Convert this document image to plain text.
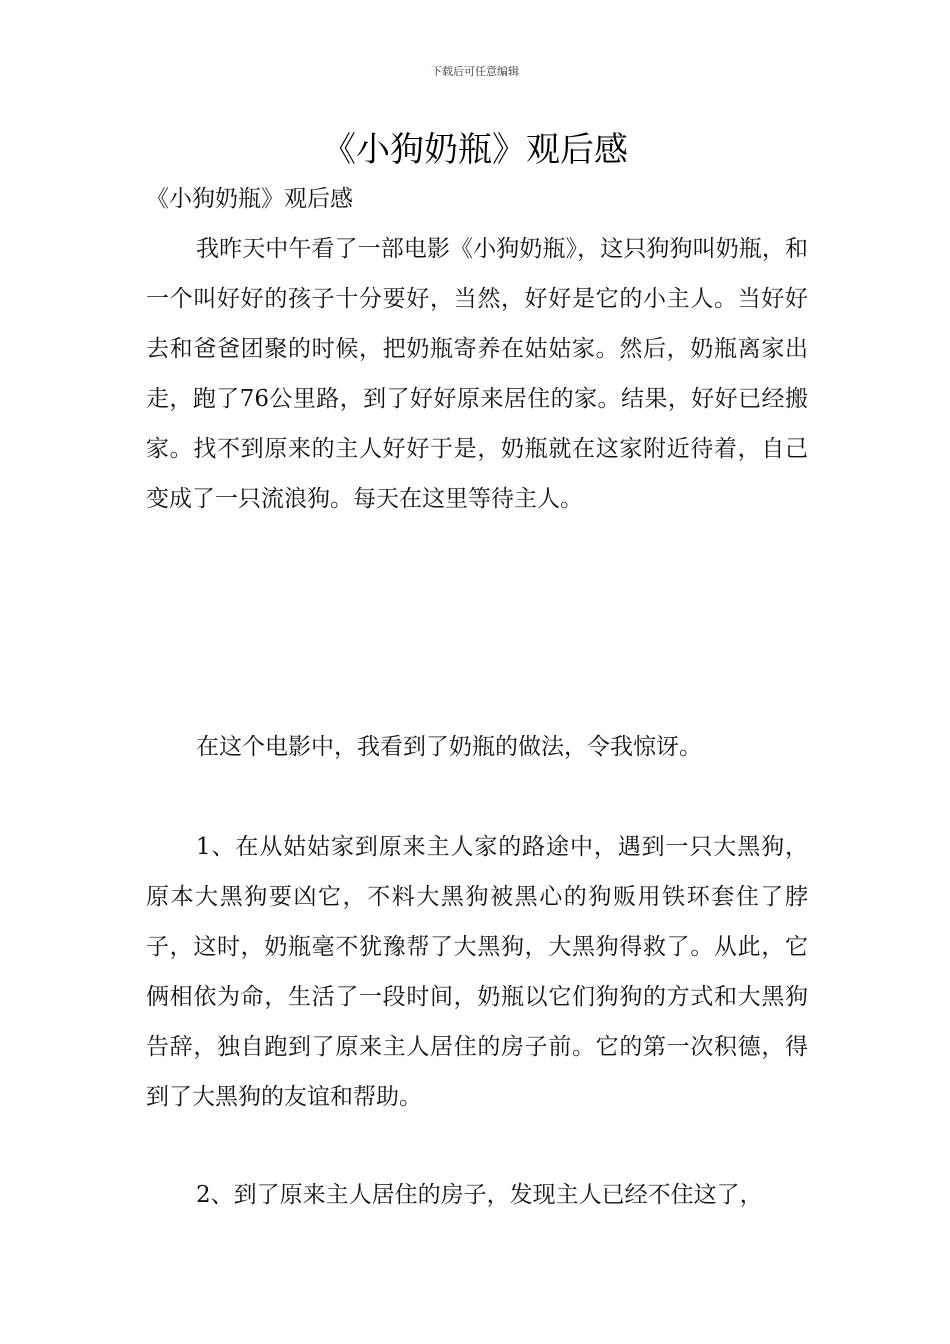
下载后可任意编辑
《小狗奶瓶》观后感

《小狗奶瓶》观后感

我昨天中午看了一部电影《小狗奶瓶》，这只狗狗叫奶瓶，和一个叫好好的孩子十分要好，当然，好好是它的小主人。当好好去和爸爸团聚的时候，把奶瓶寄养在姑姑家。然后，奶瓶离家出走，跑了76公里路，到了好好原来居住的家。结果，好好已经搬家。找不到原来的主人好好于是，奶瓶就在这家附近待着，自己变成了一只流浪狗。每天在这里等待主人。

在这个电影中，我看到了奶瓶的做法，令我惊讶。

1、在从姑姑家到原来主人家的路途中，遇到一只大黑狗，原本大黑狗要凶它，不料大黑狗被黑心的狗贩用铁环套住了脖子，这时，奶瓶毫不犹豫帮了大黑狗，大黑狗得救了。从此，它俩相依为命，生活了一段时间，奶瓶以它们狗狗的方式和大黑狗告辞，独自跑到了原来主人居住的房子前。它的第一次积德，得到了大黑狗的友谊和帮助。

2、到了原来主人居住的房子，发现主人已经不住这了，
